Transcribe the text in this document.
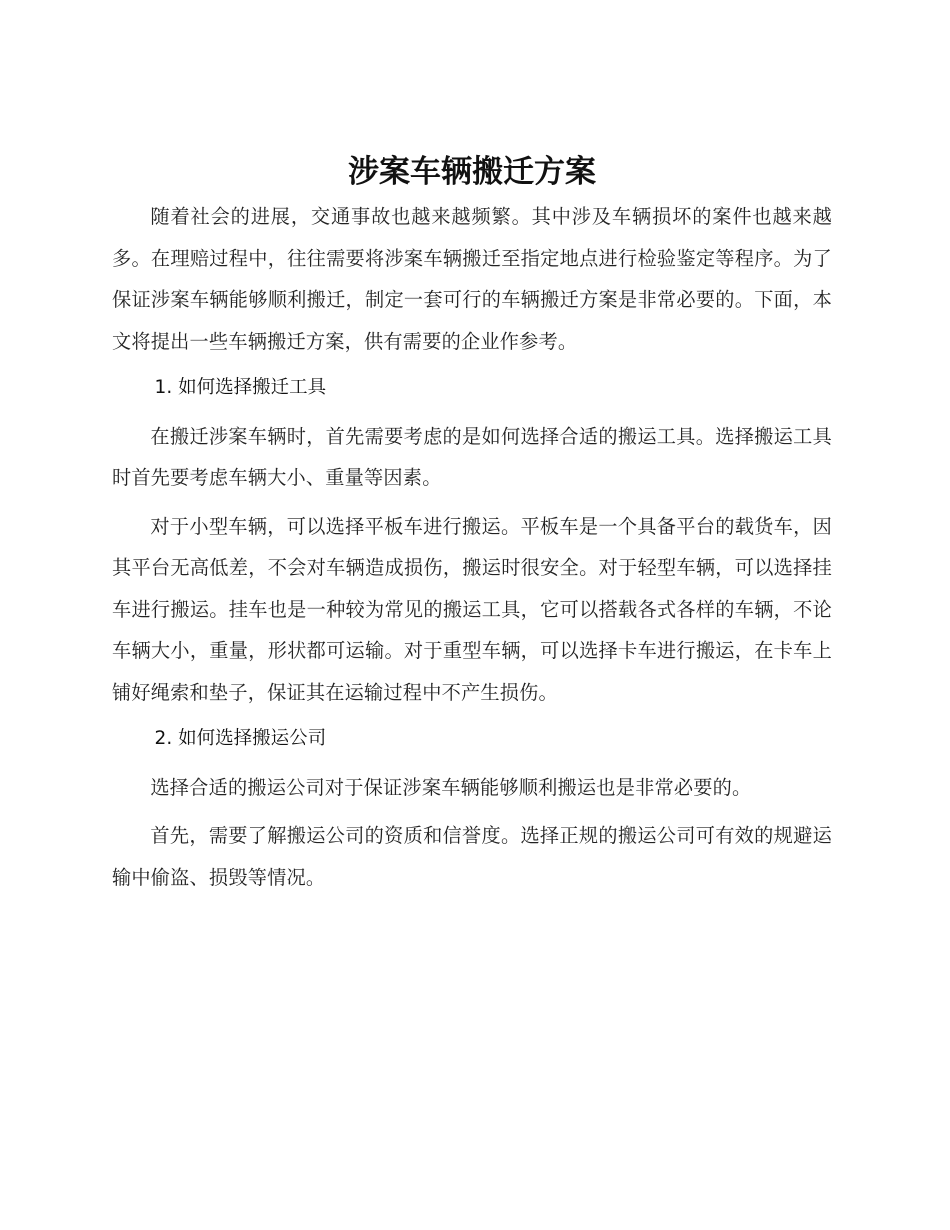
涉案车辆搬迁方案

随着社会的进展，交通事故也越来越频繁。其中涉及车辆损坏的案件也越来越多。在理赔过程中，往往需要将涉案车辆搬迁至指定地点进行检验鉴定等程序。为了保证涉案车辆能够顺利搬迁，制定一套可行的车辆搬迁方案是非常必要的。下面，本文将提出一些车辆搬迁方案，供有需要的企业作参考。

1. 如何选择搬迁工具

在搬迁涉案车辆时，首先需要考虑的是如何选择合适的搬运工具。选择搬运工具时首先要考虑车辆大小、重量等因素。

对于小型车辆，可以选择平板车进行搬运。平板车是一个具备平台的载货车，因其平台无高低差，不会对车辆造成损伤，搬运时很安全。对于轻型车辆，可以选择挂车进行搬运。挂车也是一种较为常见的搬运工具，它可以搭载各式各样的车辆，不论车辆大小，重量，形状都可运输。对于重型车辆，可以选择卡车进行搬运，在卡车上铺好绳索和垫子，保证其在运输过程中不产生损伤。

2. 如何选择搬运公司

选择合适的搬运公司对于保证涉案车辆能够顺利搬运也是非常必要的。

首先，需要了解搬运公司的资质和信誉度。选择正规的搬运公司可有效的规避运输中偷盗、损毁等情况。
